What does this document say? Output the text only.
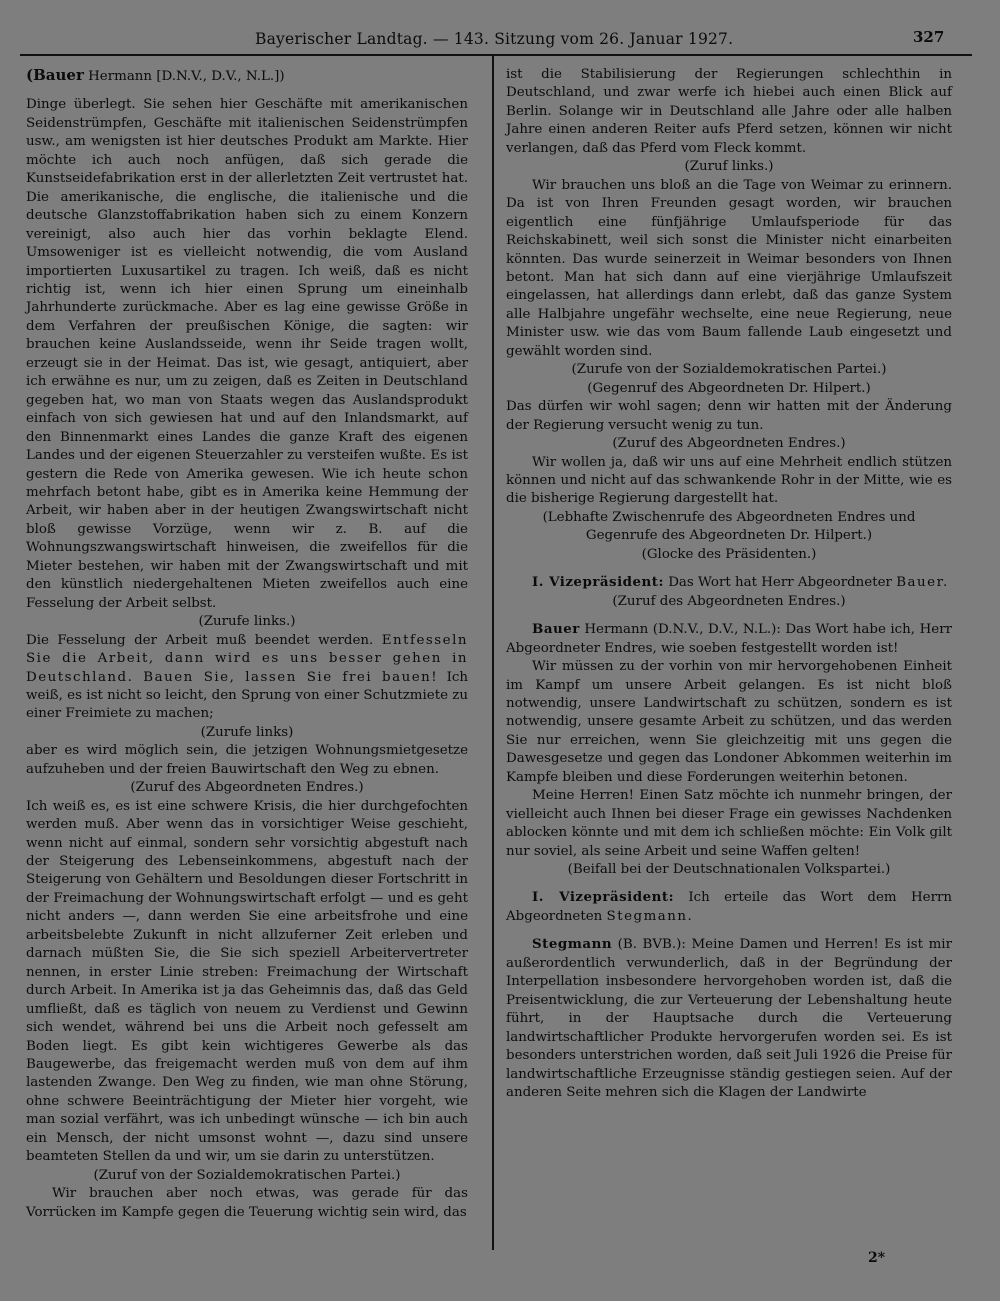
Bayerischer Landtag. — 143. Sitzung vom 26. Januar 1927.	327

(Bauer Hermann [D.N.V., D.V., N.L.])

Dinge überlegt. Sie sehen hier Geschäfte mit amerikanischen Seidenstrümpfen, Geschäfte mit italienischen Seidenstrümpfen usw., am wenigsten ist hier deutsches Produkt am Markte. Hier möchte ich auch noch anfügen, daß sich gerade die Kunstseidefabrikation erst in der allerletzten Zeit vertrustet hat. Die amerikanische, die englische, die italienische und die deutsche Glanzstoffabrikation haben sich zu einem Konzern vereinigt, also auch hier das vorhin beklagte Elend. Umsoweniger ist es vielleicht notwendig, die vom Ausland importierten Luxusartikel zu tragen. Ich weiß, daß es nicht richtig ist, wenn ich hier einen Sprung um eineinhalb Jahrhunderte zurückmache. Aber es lag eine gewisse Größe in dem Verfahren der preußischen Könige, die sagten: wir brauchen keine Auslandsseide, wenn ihr Seide tragen wollt, erzeugt sie in der Heimat. Das ist, wie gesagt, antiquiert, aber ich erwähne es nur, um zu zeigen, daß es Zeiten in Deutschland gegeben hat, wo man von Staats wegen das Auslandsprodukt einfach von sich gewiesen hat und auf den Inlandsmarkt, auf den Binnenmarkt eines Landes die ganze Kraft des eigenen Landes und der eigenen Steuerzahler zu versteifen wußte. Es ist gestern die Rede von Amerika gewesen. Wie ich heute schon mehrfach betont habe, gibt es in Amerika keine Hemmung der Arbeit, wir haben aber in der heutigen Zwangswirtschaft nicht bloß gewisse Vorzüge, wenn wir z. B. auf die Wohnungszwangswirtschaft hinweisen, die zweifellos für die Mieter bestehen, wir haben mit der Zwangswirtschaft und mit den künstlich niedergehaltenen Mieten zweifellos auch eine Fesselung der Arbeit selbst.

(Zurufe links.)

Die Fesselung der Arbeit muß beendet werden. Entfesseln Sie die Arbeit, dann wird es uns besser gehen in Deutschland. Bauen Sie, lassen Sie frei bauen! Ich weiß, es ist nicht so leicht, den Sprung von einer Schutzmiete zu einer Freimiete zu machen;

(Zurufe links)

aber es wird möglich sein, die jetzigen Wohnungsmietgesetze aufzuheben und der freien Bauwirtschaft den Weg zu ebnen.

(Zuruf des Abgeordneten Endres.)

Ich weiß es, es ist eine schwere Krisis, die hier durchgefochten werden muß. Aber wenn das in vorsichtiger Weise geschieht, wenn nicht auf einmal, sondern sehr vorsichtig abgestuft nach der Steigerung des Lebenseinkommens, abgestuft nach der Steigerung von Gehältern und Besoldungen dieser Fortschritt in der Freimachung der Wohnungswirtschaft erfolgt — und es geht nicht anders —, dann werden Sie eine arbeitsfrohe und eine arbeitsbelebte Zukunft in nicht allzuferner Zeit erleben und darnach müßten Sie, die Sie sich speziell Arbeitervertreter nennen, in erster Linie streben: Freimachung der Wirtschaft durch Arbeit. In Amerika ist ja das Geheimnis das, daß das Geld umfließt, daß es täglich von neuem zu Verdienst und Gewinn sich wendet, während bei uns die Arbeit noch gefesselt am Boden liegt. Es gibt kein wichtigeres Gewerbe als das Baugewerbe, das freigemacht werden muß von dem auf ihm lastenden Zwange. Den Weg zu finden, wie man ohne Störung, ohne schwere Beeinträchtigung der Mieter hier vorgeht, wie man sozial verfährt, was ich unbedingt wünsche — ich bin auch ein Mensch, der nicht umsonst wohnt —, dazu sind unsere beamteten Stellen da und wir, um sie darin zu unterstützen.

(Zuruf von der Sozialdemokratischen Partei.)

Wir brauchen aber noch etwas, was gerade für das Vorrücken im Kampfe gegen die Teuerung wichtig sein wird, das

ist die Stabilisierung der Regierungen schlechthin in Deutschland, und zwar werfe ich hiebei auch einen Blick auf Berlin. Solange wir in Deutschland alle Jahre oder alle halben Jahre einen anderen Reiter aufs Pferd setzen, können wir nicht verlangen, daß das Pferd vom Fleck kommt.

(Zuruf links.)

Wir brauchen uns bloß an die Tage von Weimar zu erinnern. Da ist von Ihren Freunden gesagt worden, wir brauchen eigentlich eine fünfjährige Umlaufsperiode für das Reichskabinett, weil sich sonst die Minister nicht einarbeiten könnten. Das wurde seinerzeit in Weimar besonders von Ihnen betont. Man hat sich dann auf eine vierjährige Umlaufszeit eingelassen, hat allerdings dann erlebt, daß das ganze System alle Halbjahre ungefähr wechselte, eine neue Regierung, neue Minister usw. wie das vom Baum fallende Laub eingesetzt und gewählt worden sind.

(Zurufe von der Sozialdemokratischen Partei.)

(Gegenruf des Abgeordneten Dr. Hilpert.)

Das dürfen wir wohl sagen; denn wir hatten mit der Änderung der Regierung versucht wenig zu tun.

(Zuruf des Abgeordneten Endres.)

Wir wollen ja, daß wir uns auf eine Mehrheit endlich stützen können und nicht auf das schwankende Rohr in der Mitte, wie es die bisherige Regierung dargestellt hat.

(Lebhafte Zwischenrufe des Abgeordneten Endres und Gegenrufe des Abgeordneten Dr. Hilpert.)

(Glocke des Präsidenten.)

I. Vizepräsident: Das Wort hat Herr Abgeordneter Bauer.

(Zuruf des Abgeordneten Endres.)

Bauer Hermann (D.N.V., D.V., N.L.): Das Wort habe ich, Herr Abgeordneter Endres, wie soeben festgestellt worden ist!

Wir müssen zu der vorhin von mir hervorgehobenen Einheit im Kampf um unsere Arbeit gelangen. Es ist nicht bloß notwendig, unsere Landwirtschaft zu schützen, sondern es ist notwendig, unsere gesamte Arbeit zu schützen, und das werden Sie nur erreichen, wenn Sie gleichzeitig mit uns gegen die Dawesgesetze und gegen das Londoner Abkommen weiterhin im Kampfe bleiben und diese Forderungen weiterhin betonen.

Meine Herren! Einen Satz möchte ich nunmehr bringen, der vielleicht auch Ihnen bei dieser Frage ein gewisses Nachdenken ablocken könnte und mit dem ich schließen möchte: Ein Volk gilt nur soviel, als seine Arbeit und seine Waffen gelten!

(Beifall bei der Deutschnationalen Volkspartei.)

I. Vizepräsident: Ich erteile das Wort dem Herrn Abgeordneten Stegmann.

Stegmann (B. BVB.): Meine Damen und Herren! Es ist mir außerordentlich verwunderlich, daß in der Begründung der Interpellation insbesondere hervorgehoben worden ist, daß die Preisentwicklung, die zur Verteuerung der Lebenshaltung heute führt, in der Hauptsache durch die Verteuerung landwirtschaftlicher Produkte hervorgerufen worden sei. Es ist besonders unterstrichen worden, daß seit Juli 1926 die Preise für landwirtschaftliche Erzeugnisse ständig gestiegen seien. Auf der anderen Seite mehren sich die Klagen der Landwirte

2*
